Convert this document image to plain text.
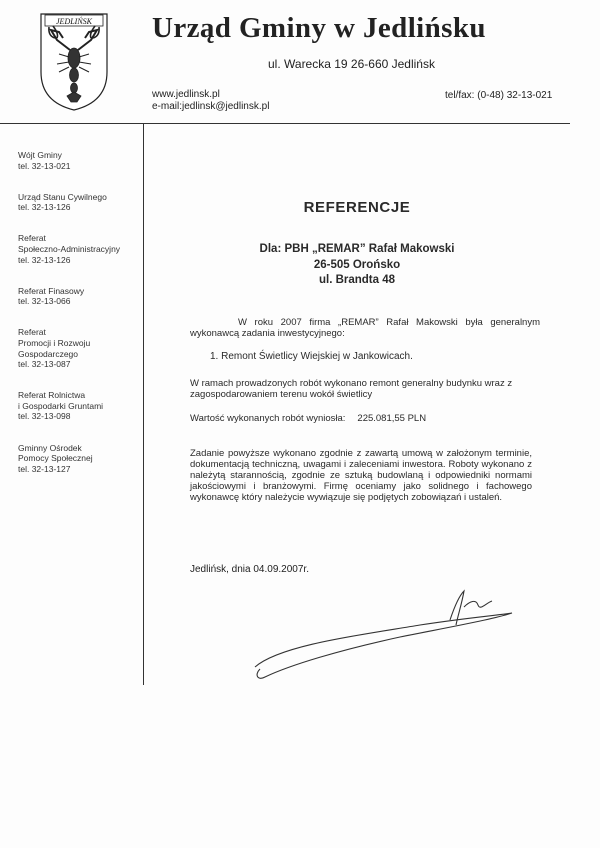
JEDLIŃSK Urząd Gminy w Jedlińsku
ul. Warecka 19 26-660 Jedlińsk
www.jedlinsk.pl
e-mail:jedlinsk@jedlinsk.pl
tel/fax: (0-48) 32-13-021
Wójt Gminy
tel. 32-13-021
Urząd Stanu Cywilnego
tel. 32-13-126
Referat
Społeczno-Administracyjny
tel. 32-13-126
Referat Finasowy
tel. 32-13-066
Referat
Promocji i Rozwoju
Gospodarczego
tel. 32-13-087
Referat Rolnictwa
i Gospodarki Gruntami
tel. 32-13-098
Gminny Ośrodek
Pomocy Społecznej
tel. 32-13-127
REFERENCJE
Dla: PBH „REMAR” Rafał Makowski
26-505 Orońsko
ul. Brandta 48
W roku 2007 firma „REMAR” Rafał Makowski była generalnym wykonawcą zadania inwestycyjnego:
1. Remont Świetlicy Wiejskiej w Jankowicach.
W ramach prowadzonych robót wykonano remont generalny budynku wraz z zagospodarowaniem terenu wokół świetlicy
Wartość wykonanych robót wyniosła: 225.081,55 PLN
Zadanie powyższe wykonano zgodnie z zawartą umową w założonym terminie, dokumentacją techniczną, uwagami i zaleceniami inwestora. Roboty wykonano z należytą starannością, zgodnie ze sztuką budowlaną i odpowiedniki normami jakościowymi i branżowymi. Firmę oceniamy jako solidnego i fachowego wykonawcę który należycie wywiązuje się podjętych zobowiązań i ustaleń.
Jedlińsk, dnia 04.09.2007r.
